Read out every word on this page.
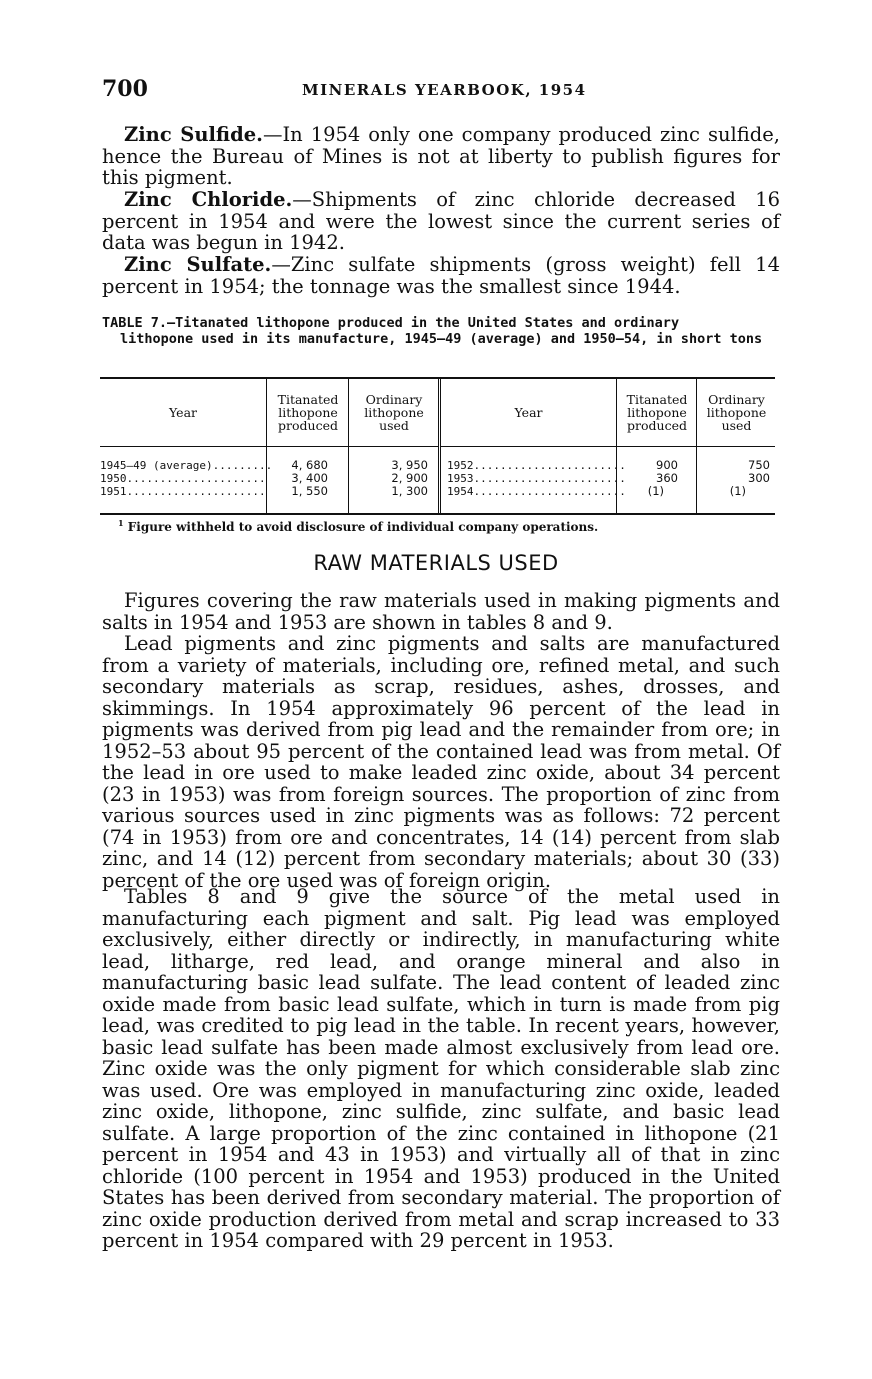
700	MINERALS YEARBOOK, 1954

Zinc Sulfide.—In 1954 only one company produced zinc sulfide, hence the Bureau of Mines is not at liberty to publish figures for this pigment.

Zinc Chloride.—Shipments of zinc chloride decreased 16 percent in 1954 and were the lowest since the current series of data was begun in 1942.

Zinc Sulfate.—Zinc sulfate shipments (gross weight) fell 14 percent in 1954; the tonnage was the smallest since 1944.

TABLE 7.—Titanated lithopone produced in the United States and ordinary
lithopone used in its manufacture, 1945–49 (average) and 1950–54, in short tons
Year
Titanated lithopone produced
Ordinary lithopone used
1945–49 (average).........
1950.....................
1951.....................
4, 680
3, 400
1, 550
3, 950
2, 900
1, 300
Year
Titanated lithopone produced
Ordinary lithopone used
1952.......................
1953.......................
1954.......................
900
360
(1)
750
300
(1)
$^1$ Figure withheld to avoid disclosure of individual company operations.
RAW MATERIALS USED

Figures covering the raw materials used in making pigments and salts in 1954 and 1953 are shown in tables 8 and 9.

Lead pigments and zinc pigments and salts are manufactured from a variety of materials, including ore, refined metal, and such secondary materials as scrap, residues, ashes, drosses, and skimmings. In 1954 approximately 96 percent of the lead in pigments was derived from pig lead and the remainder from ore; in 1952–53 about 95 percent of the contained lead was from metal. Of the lead in ore used to make leaded zinc oxide, about 34 percent (23 in 1953) was from foreign sources. The proportion of zinc from various sources used in zinc pigments was as follows: 72 percent (74 in 1953) from ore and concentrates, 14 (14) percent from slab zinc, and 14 (12) percent from secondary materials; about 30 (33) percent of the ore used was of foreign origin.

Tables 8 and 9 give the source of the metal used in manufacturing each pigment and salt. Pig lead was employed exclusively, either directly or indirectly, in manufacturing white lead, litharge, red lead, and orange mineral and also in manufacturing basic lead sulfate. The lead content of leaded zinc oxide made from basic lead sulfate, which in turn is made from pig lead, was credited to pig lead in the table. In recent years, however, basic lead sulfate has been made almost exclusively from lead ore. Zinc oxide was the only pigment for which considerable slab zinc was used. Ore was employed in manufacturing zinc oxide, leaded zinc oxide, lithopone, zinc sulfide, zinc sulfate, and basic lead sulfate. A large proportion of the zinc contained in lithopone (21 percent in 1954 and 43 in 1953) and virtually all of that in zinc chloride (100 percent in 1954 and 1953) produced in the United States has been derived from secondary material. The proportion of zinc oxide production derived from metal and scrap increased to 33 percent in 1954 compared with 29 percent in 1953.
